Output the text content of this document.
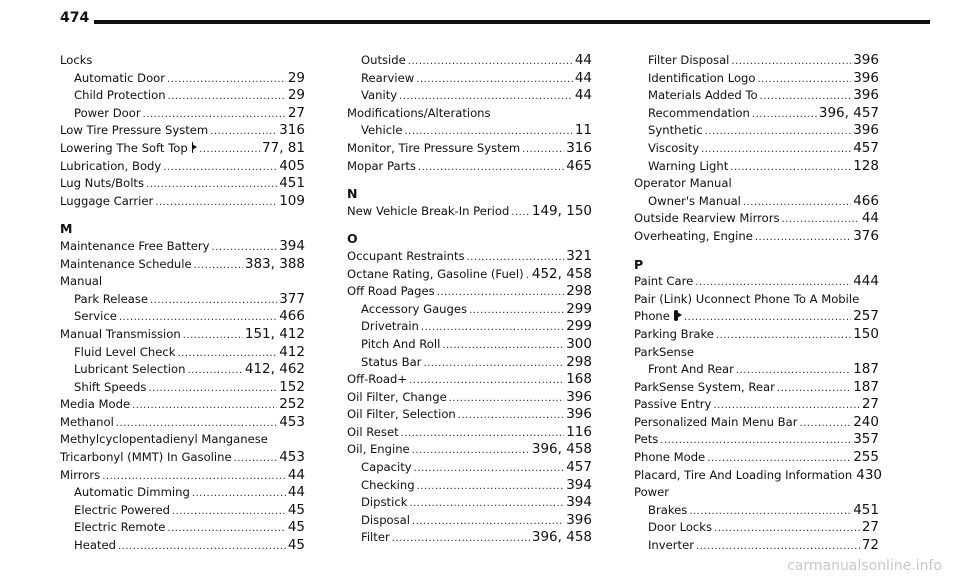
474
Locks
Automatic Door .....	29
Child Protection .....	29
Power Door .....	27
Low Tire Pressure System .....	316
Lowering The Soft Top .....	77, 81
Lubrication, Body .....	405
Lug Nuts/Bolts .....	451
Luggage Carrier .....	109
M
Maintenance Free Battery .....	394
Maintenance Schedule .....	383, 388
Manual
Park Release .....	377
Service .....	466
Manual Transmission .....	151, 412
Fluid Level Check .....	412
Lubricant Selection .....	412, 462
Shift Speeds .....	152
Media Mode .....	252
Methanol .....	453
Methylcyclopentadienyl Manganese
Tricarbonyl (MMT) In Gasoline .....	453
Mirrors .....	44
Automatic Dimming .....	44
Electric Powered .....	45
Electric Remote .....	45
Heated .....	45
Outside .....	44
Rearview .....	44
Vanity .....	44
Modifications/Alterations
Vehicle .....	11
Monitor, Tire Pressure System .....	316
Mopar Parts .....	465
N
New Vehicle Break-In Period ..... 149, 150
O
Occupant Restraints .....	321
Octane Rating, Gasoline (Fuel) ..... 452, 458
Off Road Pages .....	298
Accessory Gauges .....	299
Drivetrain .....	299
Pitch And Roll .....	300
Status Bar .....	298
Off-Road+ .....	168
Oil Filter, Change .....	396
Oil Filter, Selection .....	396
Oil Reset .....	116
Oil, Engine .....	396, 458
Capacity .....	457
Checking .....	394
Dipstick .....	394
Disposal .....	396
Filter .....	396, 458
Filter Disposal .....	396
Identification Logo .....	396
Materials Added To .....	396
Recommendation .....	396, 457
Synthetic .....	396
Viscosity .....	457
Warning Light .....	128
Operator Manual
Owner's Manual .....	466
Outside Rearview Mirrors .....	44
Overheating, Engine .....	376
P
Paint Care .....	444
Pair (Link) Uconnect Phone To A Mobile
Phone .....	257
Parking Brake .....	150
ParkSense
Front And Rear .....	187
ParkSense System, Rear .....	187
Passive Entry .....	27
Personalized Main Menu Bar .....	240
Pets .....	357
Phone Mode .....	255
Placard, Tire And Loading Information 430
Power
Brakes .....	451
Door Locks .....	27
Inverter .....	72
carmanualsonline.info
